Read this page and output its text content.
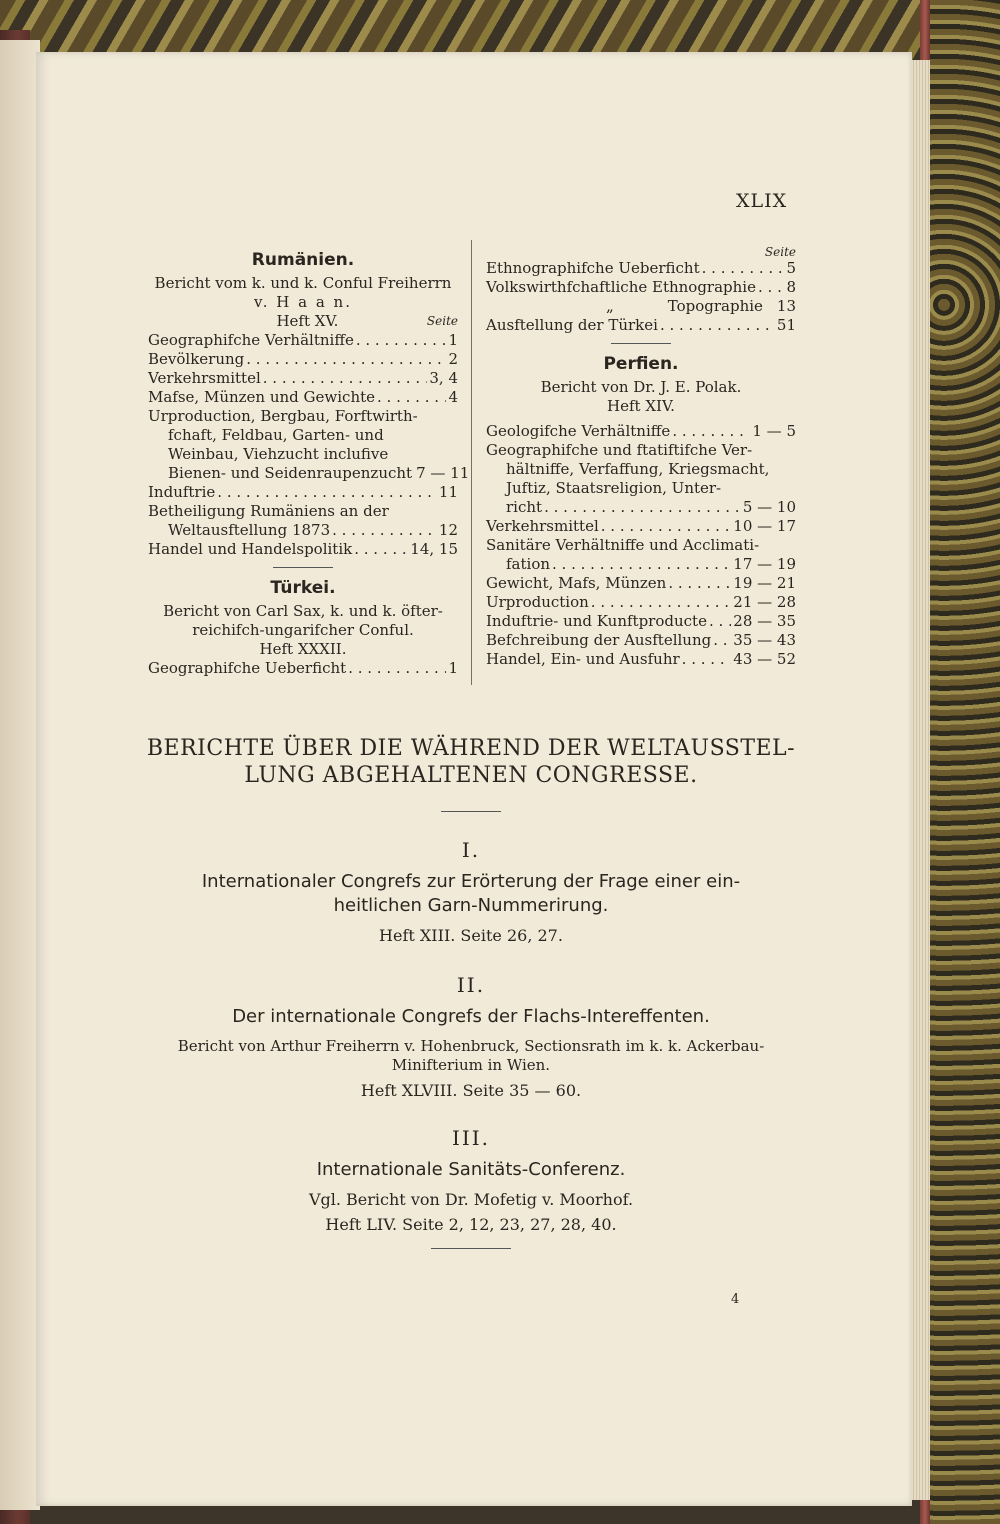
XLIX
Rumänien.
Bericht vom k. und k. Conful Freiherrn
v. H a a n.
Heft XV.	Seite
Geographifche Verhältniffe . . .	1
Bevölkerung . . .	2
Verkehrsmittel . . .	3, 4
Mafse, Münzen und Gewichte . . .	4
Urproduction, Bergbau, Forftwirth-
fchaft, Feldbau, Garten- und
Weinbau, Viehzucht inclufive
Bienen- und Seidenraupenzucht 7 — 11
Induftrie . . .	11
Betheiligung Rumäniens an der
Weltausftellung 1873 . . .	12
Handel und Handelspolitik . . .	14, 15
Türkei.
Bericht von Carl Sax, k. und k. öfter-
reichifch-ungarifcher Conful.
Heft XXXII.
Geographifche Ueberficht . . .	1
Seite
Ethnographifche Ueberficht . . .	5
Volkswirthfchaftliche Ethnographie . . . 8
„	Topographie 13
Ausftellung der Türkei . . .	51
Perfien.
Bericht von Dr. J. E. Polak.
Heft XIV.
Geologifche Verhältniffe . . .	1 — 5
Geographifche und ftatiftifche Ver-
hältniffe, Verfaffung, Kriegsmacht,
Juftiz, Staatsreligion, Unter-
richt . . .	5 — 10
Verkehrsmittel . . .	10 — 17
Sanitäre Verhältniffe und Acclimati-
fation . . .	17 — 19
Gewicht, Mafs, Münzen . . .	19 — 21
Urproduction . . .	21 — 28
Induftrie- und Kunftproducte . . . 28 — 35
Befchreibung der Ausftellung . . . 35 — 43
Handel, Ein- und Ausfuhr . . .	43 — 52
BERICHTE ÜBER DIE WÄHREND DER WELTAUSSTEL-
LUNG ABGEHALTENEN CONGRESSE.
I.
Internationaler Congrefs zur Erörterung der Frage einer ein-
heitlichen Garn-Nummerirung.
Heft XIII. Seite 26, 27.
II.
Der internationale Congrefs der Flachs-Intereffenten.
Bericht von Arthur Freiherrn v. Hohenbruck, Sectionsrath im k. k. Ackerbau-
Minifterium in Wien.
Heft XLVIII. Seite 35 — 60.
III.
Internationale Sanitäts-Conferenz.
Vgl. Bericht von Dr. Mofetig v. Moorhof.
Heft LIV. Seite 2, 12, 23, 27, 28, 40.
4
